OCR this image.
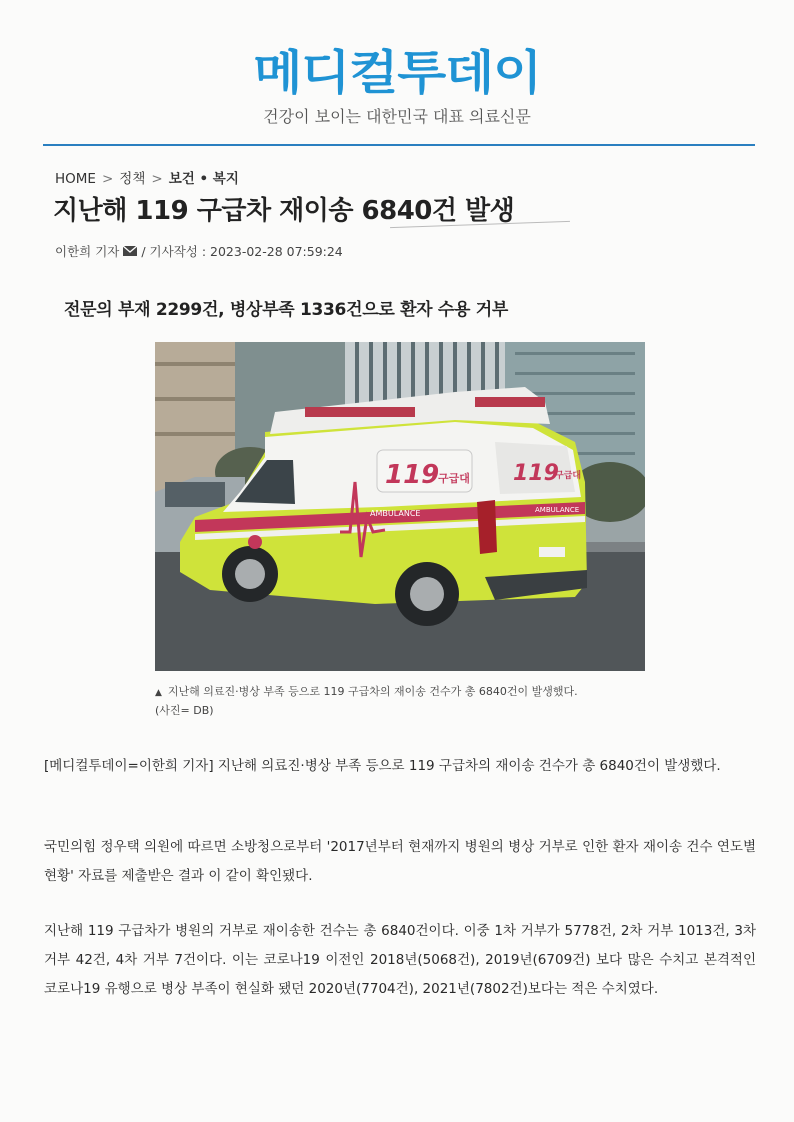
메디컬투데이
건강이 보이는 대한민국 대표 의료신문
HOME > 정책 > 보건 • 복지
지난해 119 구급차 재이송 6840건 발생
이한희 기자 / 기사작성 : 2023-02-28 07:59:24
전문의 부재 2299건, 병상부족 1336건으로 환자 수용 거부
119
구급대 119
구급대
AMBULANCE	AMBULANCE
▲ 지난해 의료진·병상 부족 등으로 119 구급차의 재이송 건수가 총 6840건이 발생했다.
(사진= DB)
[메디컬투데이=이한희 기자] 지난해 의료진·병상 부족 등으로 119 구급차의 재이송 건수가 총 6840건이 발생했다.
국민의힘 정우택 의원에 따르면 소방청으로부터 '2017년부터 현재까지 병원의 병상 거부로 인한 환자 재이송 건수 연도별 현황' 자료를 제출받은 결과 이 같이 확인됐다.
지난해 119 구급차가 병원의 거부로 재이송한 건수는 총 6840건이다. 이중 1차 거부가 5778건, 2차 거부 1013건, 3차 거부 42건, 4차 거부 7건이다. 이는 코로나19 이전인 2018년(5068건), 2019년(6709건) 보다 많은 수치고 본격적인 코로나19 유행으로 병상 부족이 현실화 됐던 2020년(7704건), 2021년(7802건)보다는 적은 수치였다.
